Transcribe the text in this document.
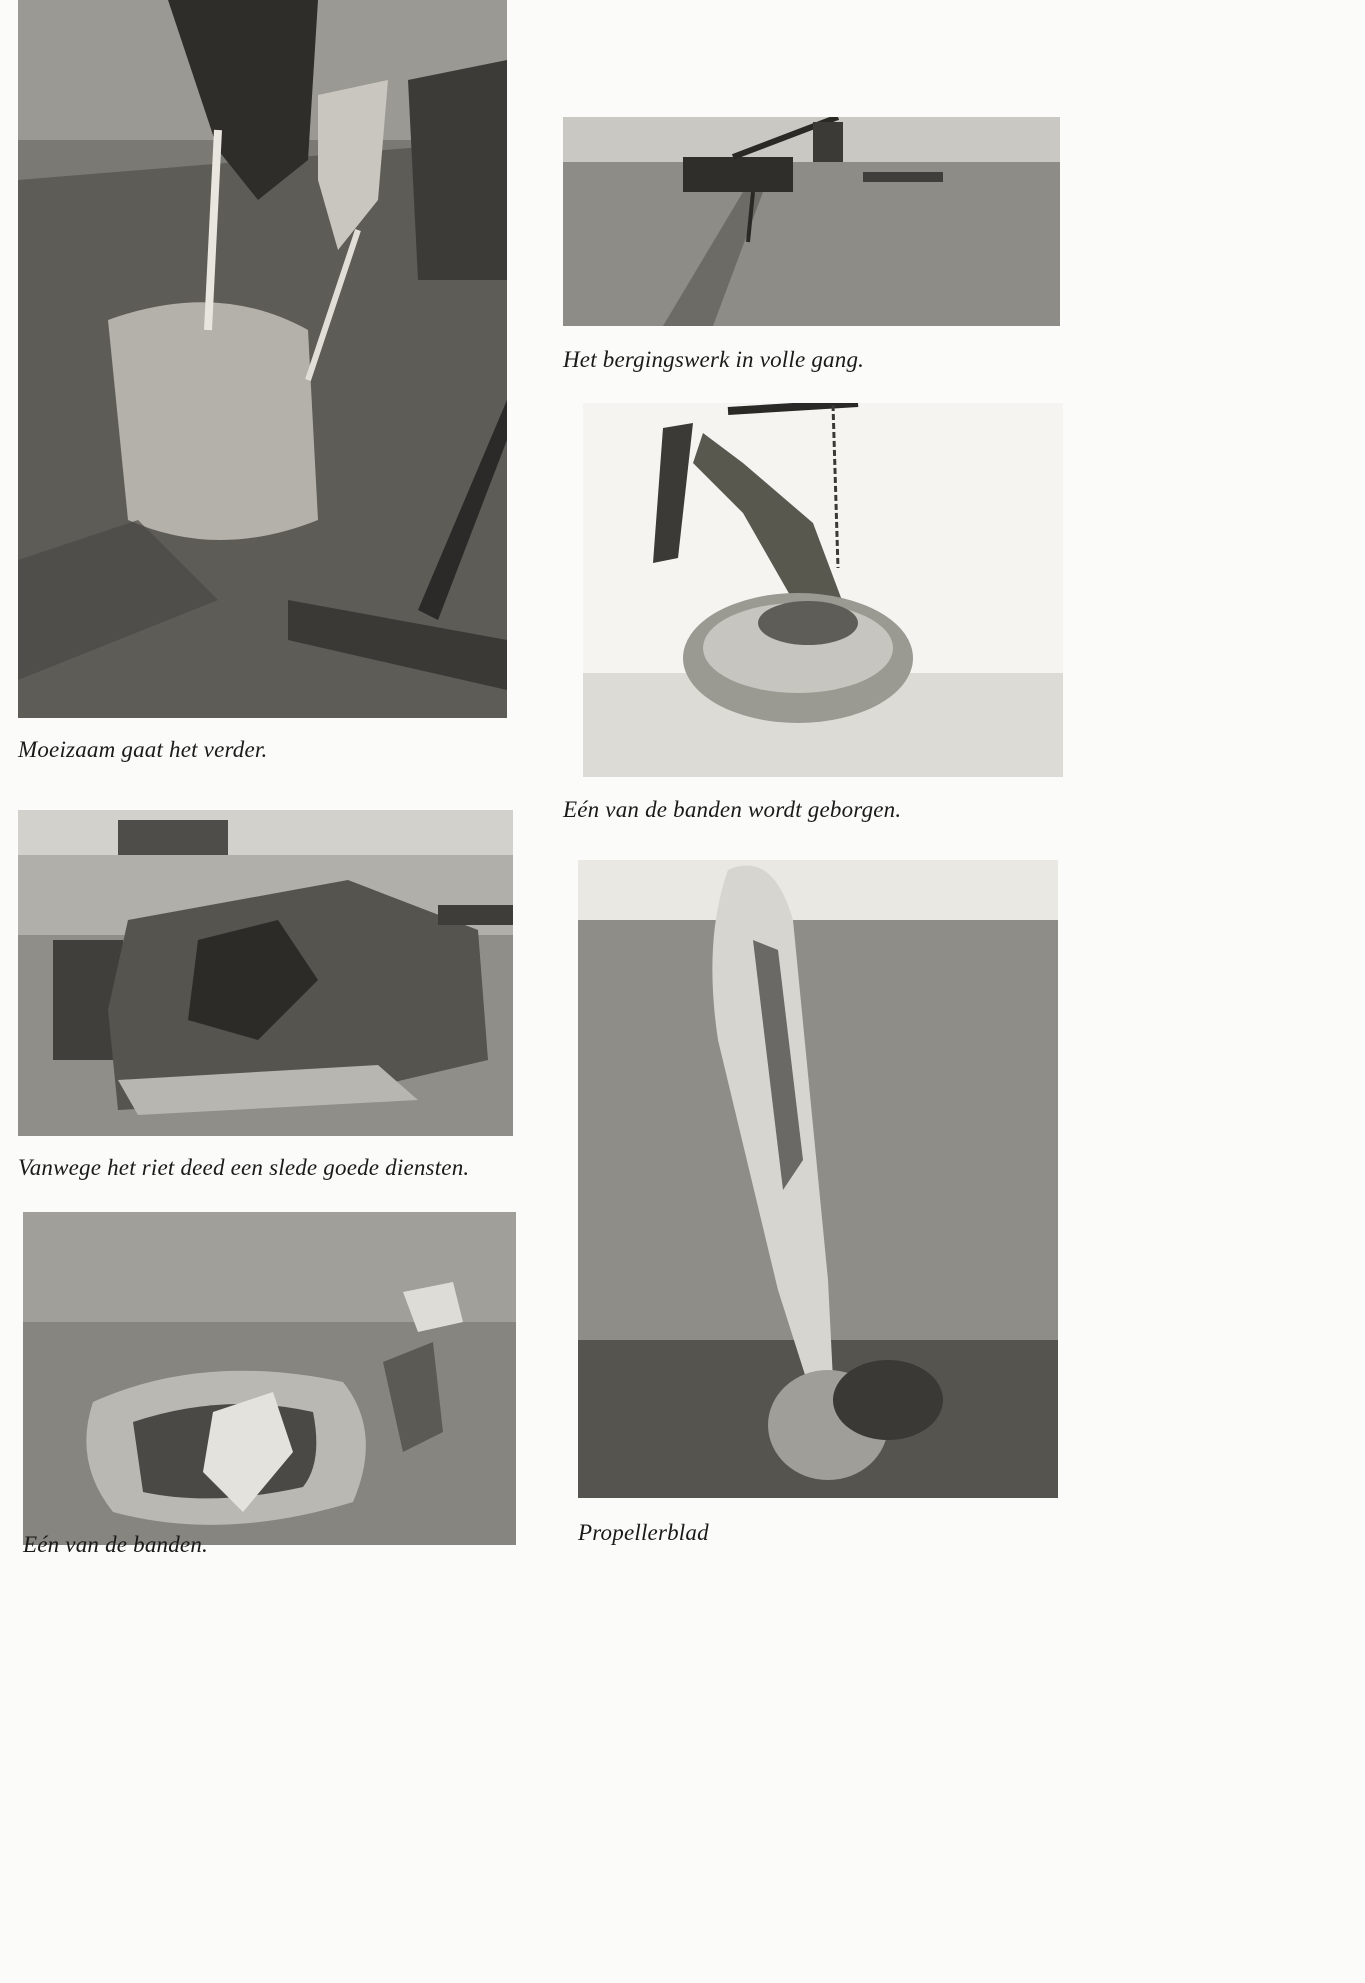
Moeizaam gaat het verder.
Het bergingswerk in volle gang.
Eén van de banden wordt geborgen.
Vanwege het riet deed een slede goede diensten.
Propellerblad
Eén van de banden.
